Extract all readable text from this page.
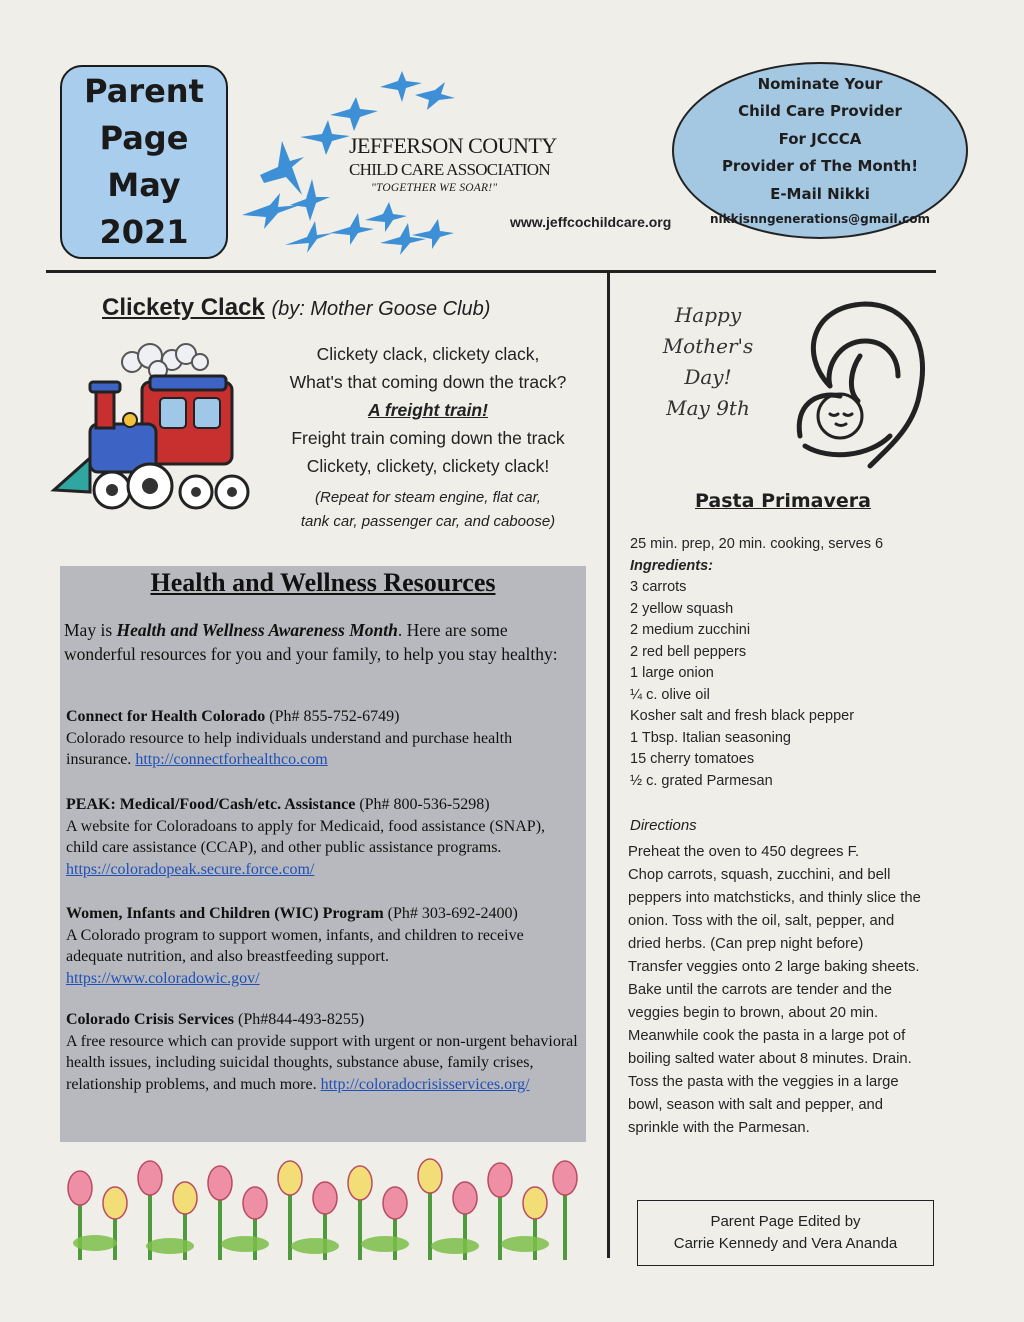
Parent
Page
May
2021
JEFFERSON COUNTY
CHILD CARE ASSOCIATION
"TOGETHER WE SOAR!"
www.jeffcochildcare.org
Nominate Your
Child Care Provider
For JCCCA
Provider of The Month!
E-Mail Nikki
nikkisnngenerations@gmail.com
Clickety Clack (by: Mother Goose Club)
Clickety clack, clickety clack,
What's that coming down the track?
A freight train!
Freight train coming down the track
Clickety, clickety, clickety clack!
(Repeat for steam engine, flat car,
tank car, passenger car, and caboose)
Health and Wellness Resources
May is Health and Wellness Awareness Month. Here are some wonderful resources for you and your family, to help you stay healthy:
Connect for Health Colorado (Ph# 855-752-6749)
Colorado resource to help individuals understand and purchase health insurance. http://connectforhealthco.com
PEAK: Medical/Food/Cash/etc. Assistance (Ph# 800-536-5298)
A website for Coloradoans to apply for Medicaid, food assistance (SNAP), child care assistance (CCAP), and other public assistance programs. https://coloradopeak.secure.force.com/
Women, Infants and Children (WIC) Program (Ph# 303-692-2400)
A Colorado program to support women, infants, and children to receive adequate nutrition, and also breastfeeding support. https://www.coloradowic.gov/
Colorado Crisis Services (Ph#844-493-8255)
A free resource which can provide support with urgent or non-urgent behavioral health issues, including suicidal thoughts, substance abuse, family crises, relationship problems, and much more. http://coloradocrisisservices.org/
Happy
Mother's
Day!
May 9th
Pasta Primavera
25 min. prep, 20 min. cooking, serves 6
Ingredients:
3 carrots
2 yellow squash
2 medium zucchini
2 red bell peppers
1 large onion
¼ c. olive oil
Kosher salt and fresh black pepper
1 Tbsp. Italian seasoning
15 cherry tomatoes
½ c. grated Parmesan
Directions

Preheat the oven to 450 degrees F.

Chop carrots, squash, zucchini, and bell peppers into matchsticks, and thinly slice the onion. Toss with the oil, salt, pepper, and dried herbs. (Can prep night before)

Transfer veggies onto 2 large baking sheets. Bake until the carrots are tender and the veggies begin to brown, about 20 min.

Meanwhile cook the pasta in a large pot of boiling salted water about 8 minutes. Drain.

Toss the pasta with the veggies in a large bowl, season with salt and pepper, and sprinkle with the Parmesan.

Parent Page Edited by
Carrie Kennedy and Vera Ananda
